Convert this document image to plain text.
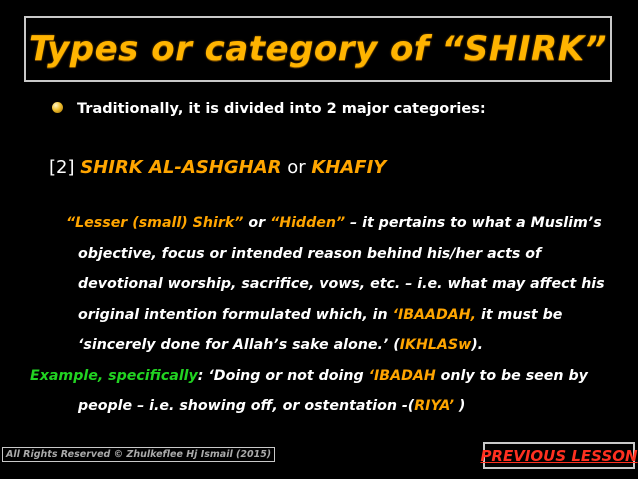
Types or category of “SHIRK”
Traditionally, it is divided into 2 major categories:
[2] SHIRK AL-ASHGHAR or KHAFIY
“Lesser (small) Shirk” or “Hidden” – it pertains to what a Muslim’s
objective, focus or intended reason behind his/her acts of
devotional worship, sacrifice, vows, etc. – i.e. what may affect his
original intention formulated which, in ‘IBAADAH, it must be
‘sincerely done for Allah’s sake alone.’ (IKHLASw).
Example, specifically: ‘Doing or not doing ‘IBADAH only to be seen by
people – i.e. showing off, or ostentation -(RIYA’ )
All Rights Reserved © Zhulkeflee Hj Ismail (2015)	PREVIOUS LESSON
